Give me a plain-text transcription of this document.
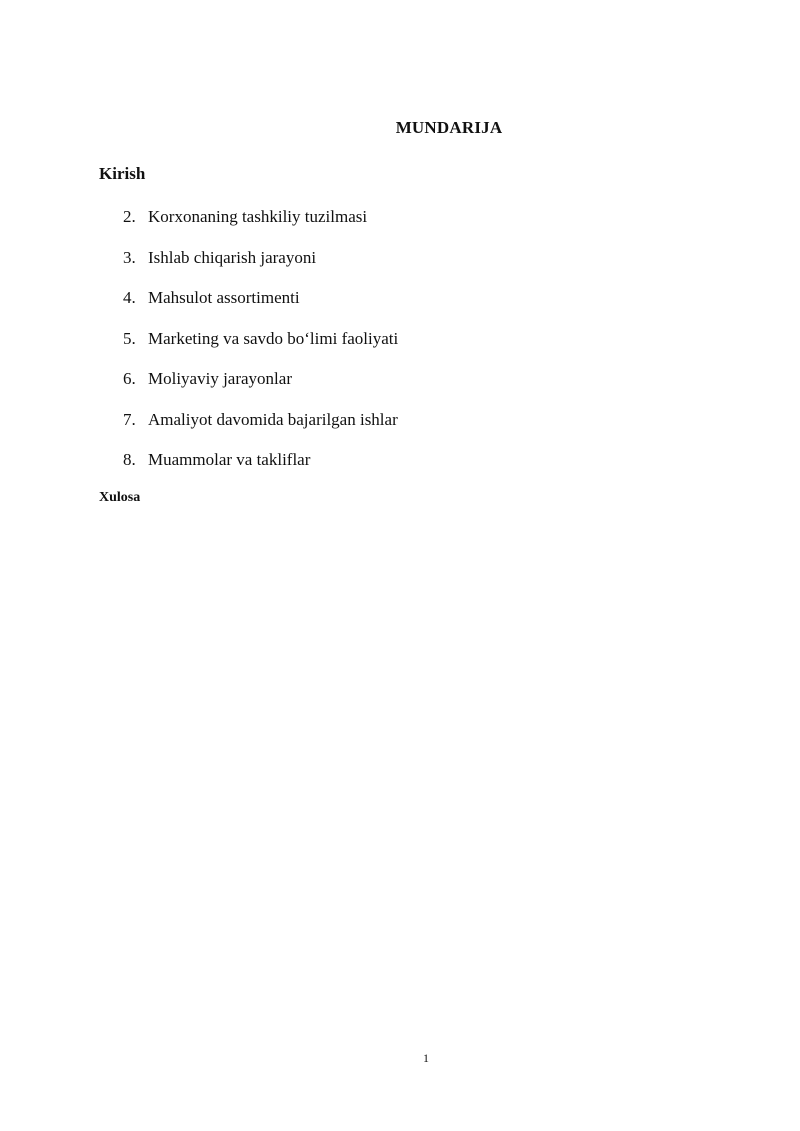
MUNDARIJA
Kirish
2. Korxonaning tashkiliy tuzilmasi
3. Ishlab chiqarish jarayoni
4. Mahsulot assortimenti
5. Marketing va savdo bo‘limi faoliyati
6. Moliyaviy jarayonlar
7. Amaliyot davomida bajarilgan ishlar
8. Muammolar va takliflar
Xulosa
1
